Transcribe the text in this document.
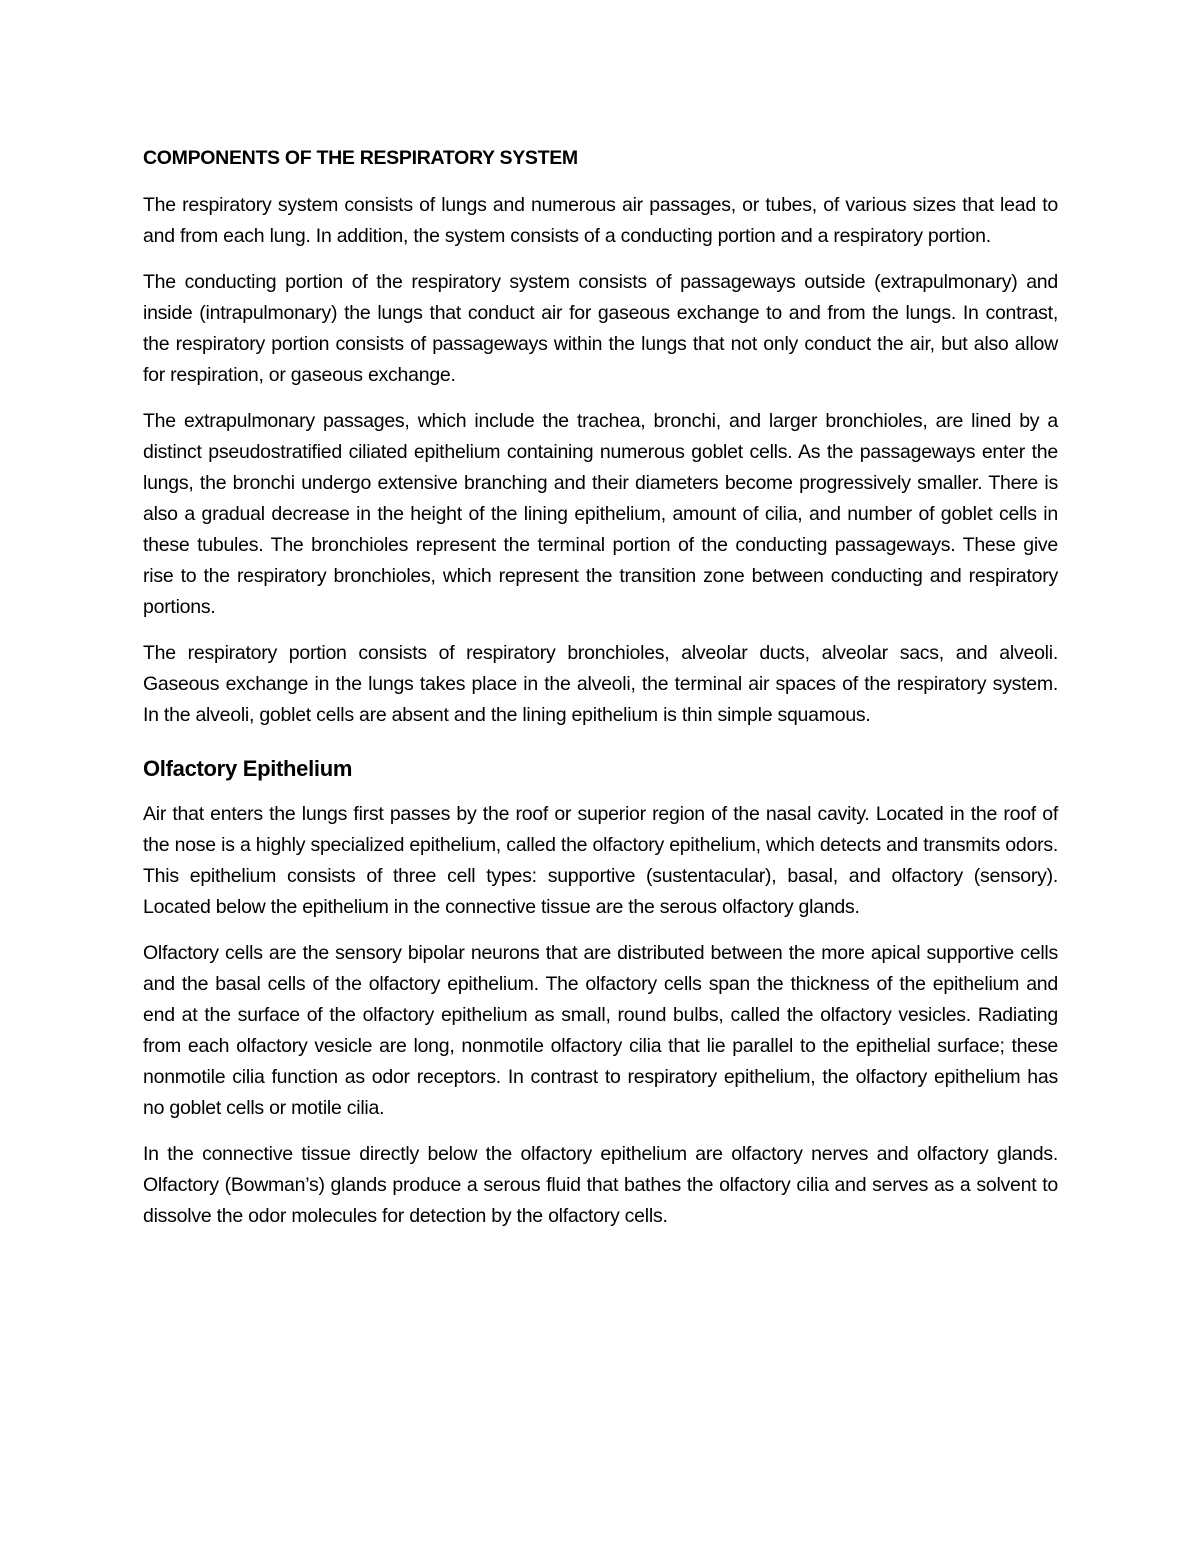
COMPONENTS OF THE RESPIRATORY SYSTEM

The respiratory system consists of lungs and numerous air passages, or tubes, of various sizes that lead to and from each lung. In addition, the system consists of a conducting portion and a respiratory portion.

The conducting portion of the respiratory system consists of passageways outside (extrapulmonary) and inside (intrapulmonary) the lungs that conduct air for gaseous exchange to and from the lungs. In contrast, the respiratory portion consists of passageways within the lungs that not only conduct the air, but also allow for respiration, or gaseous exchange.

The extrapulmonary passages, which include the trachea, bronchi, and larger bronchioles, are lined by a distinct pseudostratified ciliated epithelium containing numerous goblet cells. As the passageways enter the lungs, the bronchi undergo extensive branching and their diameters become progressively smaller. There is also a gradual decrease in the height of the lining epithelium, amount of cilia, and number of goblet cells in these tubules. The bronchioles represent the terminal portion of the conducting passageways. These give rise to the respiratory bronchioles, which represent the transition zone between conducting and respiratory portions.

The respiratory portion consists of respiratory bronchioles, alveolar ducts, alveolar sacs, and alveoli. Gaseous exchange in the lungs takes place in the alveoli, the terminal air spaces of the respiratory system. In the alveoli, goblet cells are absent and the lining epithelium is thin simple squamous.

Olfactory Epithelium

Air that enters the lungs first passes by the roof or superior region of the nasal cavity. Located in the roof of the nose is a highly specialized epithelium, called the olfactory epithelium, which detects and transmits odors. This epithelium consists of three cell types: supportive (sustentacular), basal, and olfactory (sensory). Located below the epithelium in the connective tissue are the serous olfactory glands.

Olfactory cells are the sensory bipolar neurons that are distributed between the more apical supportive cells and the basal cells of the olfactory epithelium. The olfactory cells span the thickness of the epithelium and end at the surface of the olfactory epithelium as small, round bulbs, called the olfactory vesicles. Radiating from each olfactory vesicle are long, nonmotile olfactory cilia that lie parallel to the epithelial surface; these nonmotile cilia function as odor receptors. In contrast to respiratory epithelium, the olfactory epithelium has no goblet cells or motile cilia.

In the connective tissue directly below the olfactory epithelium are olfactory nerves and olfactory glands. Olfactory (Bowman’s) glands produce a serous fluid that bathes the olfactory cilia and serves as a solvent to dissolve the odor molecules for detection by the olfactory cells.
